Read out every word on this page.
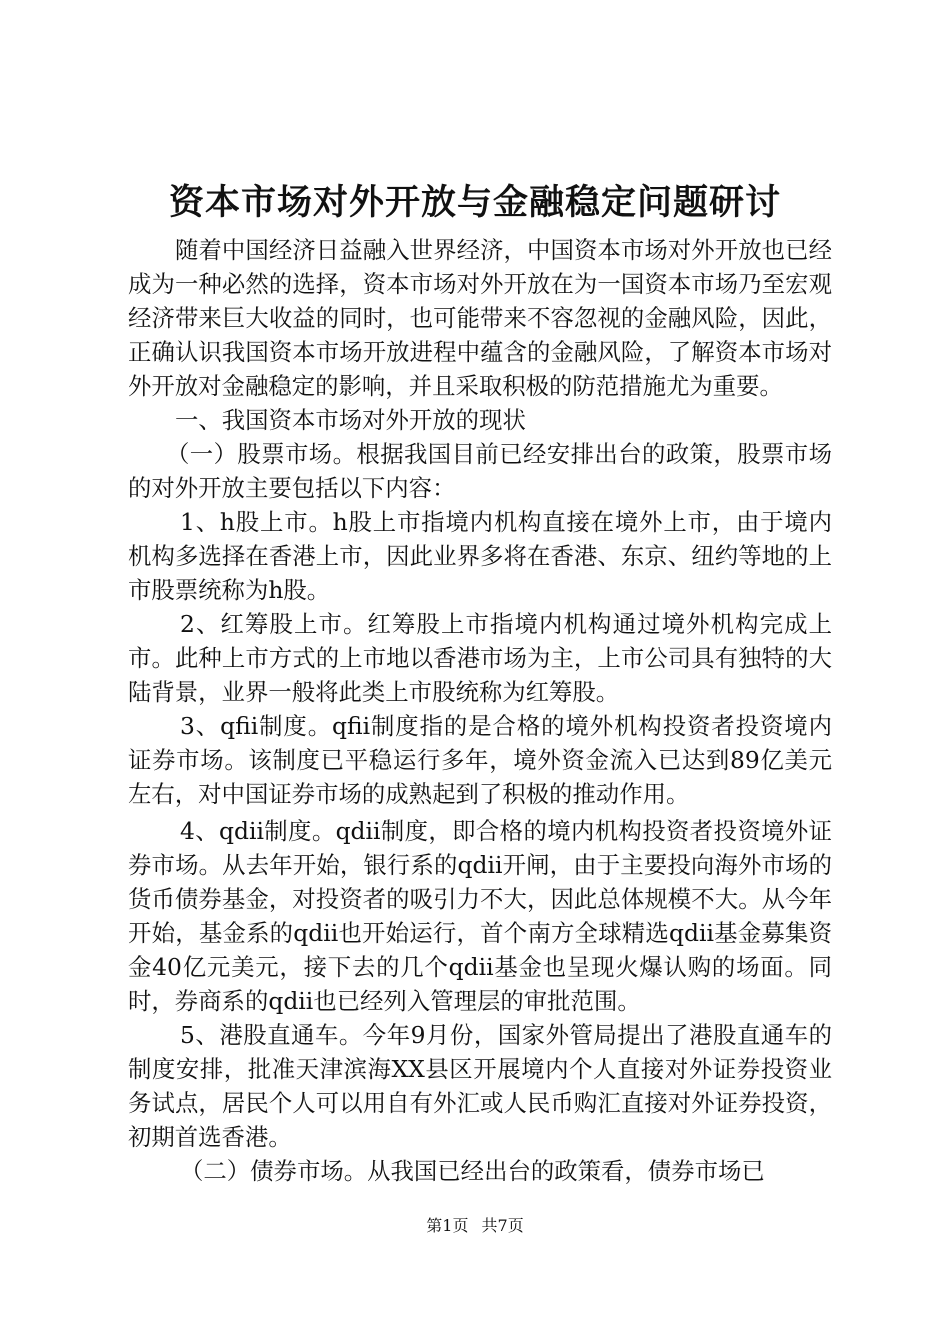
资本市场对外开放与金融稳定问题研讨

随着中国经济日益融入世界经济，中国资本市场对外开放也已经成为一种必然的选择，资本市场对外开放在为一国资本市场乃至宏观经济带来巨大收益的同时，也可能带来不容忽视的金融风险，因此，正确认识我国资本市场开放进程中蕴含的金融风险，了解资本市场对外开放对金融稳定的影响，并且采取积极的防范措施尤为重要。

一、我国资本市场对外开放的现状

（一）股票市场。根据我国目前已经安排出台的政策，股票市场的对外开放主要包括以下内容：

1、h股上市。h股上市指境内机构直接在境外上市，由于境内机构多选择在香港上市，因此业界多将在香港、东京、纽约等地的上市股票统称为h股。

2、红筹股上市。红筹股上市指境内机构通过境外机构完成上市。此种上市方式的上市地以香港市场为主，上市公司具有独特的大陆背景，业界一般将此类上市股统称为红筹股。

3、qfii制度。qfii制度指的是合格的境外机构投资者投资境内证券市场。该制度已平稳运行多年，境外资金流入已达到89亿美元左右，对中国证券市场的成熟起到了积极的推动作用。

4、qdii制度。qdii制度，即合格的境内机构投资者投资境外证券市场。从去年开始，银行系的qdii开闸，由于主要投向海外市场的货币债券基金，对投资者的吸引力不大，因此总体规模不大。从今年开始，基金系的qdii也开始运行，首个南方全球精选qdii基金募集资金40亿元美元，接下去的几个qdii基金也呈现火爆认购的场面。同时，券商系的qdii也已经列入管理层的审批范围。

5、港股直通车。今年9月份，国家外管局提出了港股直通车的制度安排，批准天津滨海XX县区开展境内个人直接对外证券投资业务试点，居民个人可以用自有外汇或人民币购汇直接对外证券投资，初期首选香港。

（二）债券市场。从我国已经出台的政策看，债券市场已

第1页 共7页
